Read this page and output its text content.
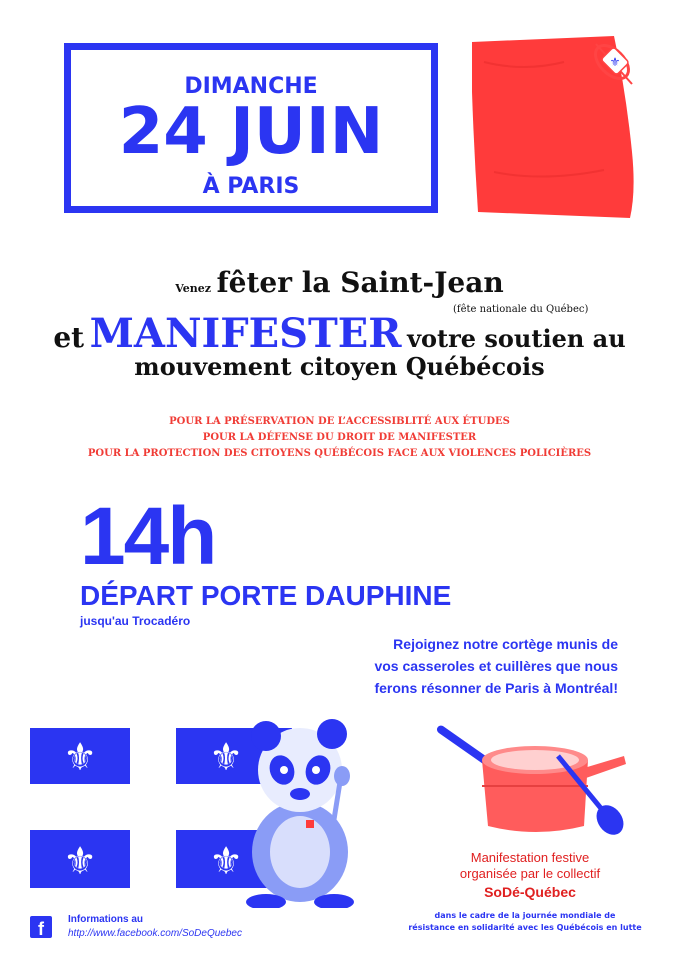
DIMANCHE
24 JUIN
À PARIS
⚜
Venez fêter la Saint-Jean
(fête nationale du Québec)
et MANIFESTER votre soutien au
mouvement citoyen Québécois
POUR LA PRÉSERVATION DE L’ACCESSIBLITÉ AUX ÉTUDES
POUR LA DÉFENSE DU DROIT DE MANIFESTER
POUR LA PROTECTION DES CITOYENS QUÉBÉCOIS FACE AUX VIOLENCES POLICIÈRES
14h
DÉPART PORTE DAUPHINE
jusqu'au Trocadéro
Rejoignez notre cortège munis de
vos casseroles et cuillères que nous
ferons résonner de Paris à Montréal!
⚜	⚜
⚜	⚜	Manifestation festive
organisée par le collectif
SoDé-Québec
dans le cadre de la journée mondiale de
résistance en solidarité avec les Québécois en lutte
f	Informations au
http://www.facebook.com/SoDeQuebec
